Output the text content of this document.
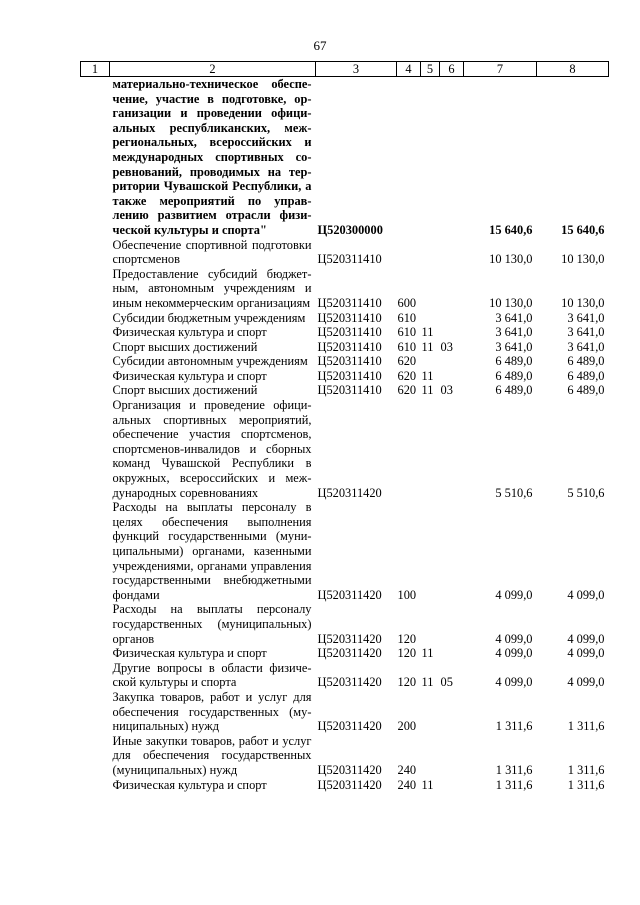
67
1	2	3	4	5	6	7	8
	материально-техническое обеспечение, участие в подготовке, организации и проведении официальных республиканских, межрегиональных, всероссийских и международных спортивных соревнований, проводимых на территории Чувашской Республики, а также мероприятий по управлению развитием отрасли физической культуры и спорта"	Ц520300000				15 640,6	15 640,6
	Обеспечение спортивной подготовки спортсменов	Ц520311410				10 130,0	10 130,0
	Предоставление субсидий бюджетным, автономным учреждениям и иным некоммерческим организациям	Ц520311410	600			10 130,0	10 130,0
	Субсидии бюджетным учреждениям	Ц520311410	610			3 641,0	3 641,0
	Физическая культура и спорт	Ц520311410	610	11		3 641,0	3 641,0
	Спорт высших достижений	Ц520311410	610	11	03	3 641,0	3 641,0
	Субсидии автономным учреждениям	Ц520311410	620			6 489,0	6 489,0
	Физическая культура и спорт	Ц520311410	620	11		6 489,0	6 489,0
	Спорт высших достижений	Ц520311410	620	11	03	6 489,0	6 489,0
	Организация и проведение официальных спортивных мероприятий, обеспечение участия спортсменов, спортсменов-инвалидов и сборных команд Чувашской Республики в окружных, всероссийских и международных соревнованиях	Ц520311420				5 510,6	5 510,6
	Расходы на выплаты персоналу в целях обеспечения выполнения функций государственными (муниципальными) органами, казенными учреждениями, органами управления государственными внебюджетными фондами	Ц520311420	100			4 099,0	4 099,0
	Расходы на выплаты персоналу государственных (муниципальных) органов	Ц520311420	120			4 099,0	4 099,0
	Физическая культура и спорт	Ц520311420	120	11		4 099,0	4 099,0
	Другие вопросы в области физической культуры и спорта	Ц520311420	120	11	05	4 099,0	4 099,0
	Закупка товаров, работ и услуг для обеспечения государственных (муниципальных) нужд	Ц520311420	200			1 311,6	1 311,6
	Иные закупки товаров, работ и услуг для обеспечения государственных (муниципальных) нужд	Ц520311420	240			1 311,6	1 311,6
	Физическая культура и спорт	Ц520311420	240	11		1 311,6	1 311,6
